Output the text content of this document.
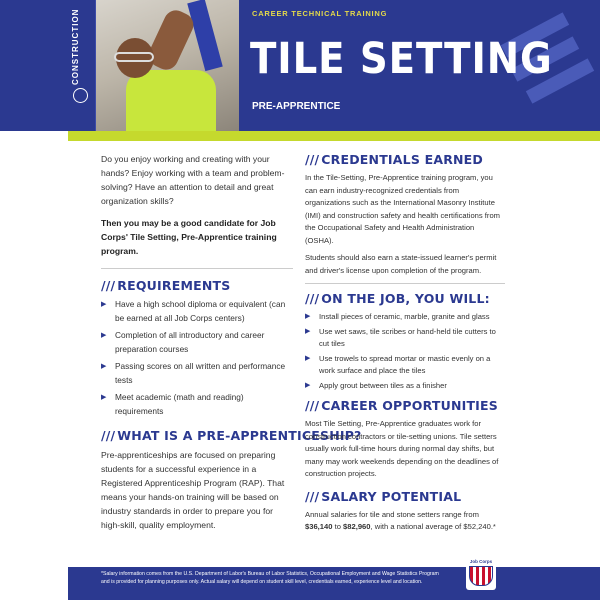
CONSTRUCTION	CAREER TECHNICAL TRAINING
TILE SETTING
PRE-APPRENTICE

Do you enjoy working and creating with your hands? Enjoy working with a team and problem-solving? Have an attention to detail and great organization skills?

Then you may be a good candidate for Job Corps' Tile Setting, Pre-Apprentice training program.

/// REQUIREMENTS
▶ Have a high school diploma or equivalent (can be earned at all Job Corps centers)
▶ Completion of all introductory and career preparation courses
▶ Passing scores on all written and performance tests
▶ Meet academic (math and reading) requirements
/// WHAT IS A PRE-APPRENTICESHIP?

Pre-apprenticeships are focused on preparing students for a successful experience in a Registered Apprenticeship Program (RAP). That means your hands-on training will be based on industry standards in order to prepare you for high-skill, quality employment.

/// CREDENTIALS EARNED

In the Tile-Setting, Pre-Apprentice training program, you can earn industry-recognized credentials from organizations such as the International Masonry Institute (IMI) and construction safety and health certifications from the Occupational Safety and Health Administration (OSHA).

Students should also earn a state-issued learner's permit and driver's license upon completion of the program.

/// ON THE JOB, YOU WILL:
▶ Install pieces of ceramic, marble, granite and glass
▶ Use wet saws, tile scribes or hand-held tile cutters to cut tiles
▶ Use trowels to spread mortar or mastic evenly on a work surface and place the tiles
▶ Apply grout between tiles as a finisher
/// CAREER OPPORTUNITIES

Most Tile Setting, Pre-Apprentice graduates work for construction contractors or tile-setting unions. Tile setters usually work full-time hours during normal day shifts, but many may work weekends depending on the deadlines of construction projects.

/// SALARY POTENTIAL

Annual salaries for tile and stone setters range from $36,140 to $82,960, with a national average of $52,240.*

*Salary information comes from the U.S. Department of Labor's Bureau of Labor Statistics, Occupational Employment and Wage Statistics Program and is provided for planning purposes only. Actual salary will depend on student skill level, credentials earned, experience level and location.
Job Corps
